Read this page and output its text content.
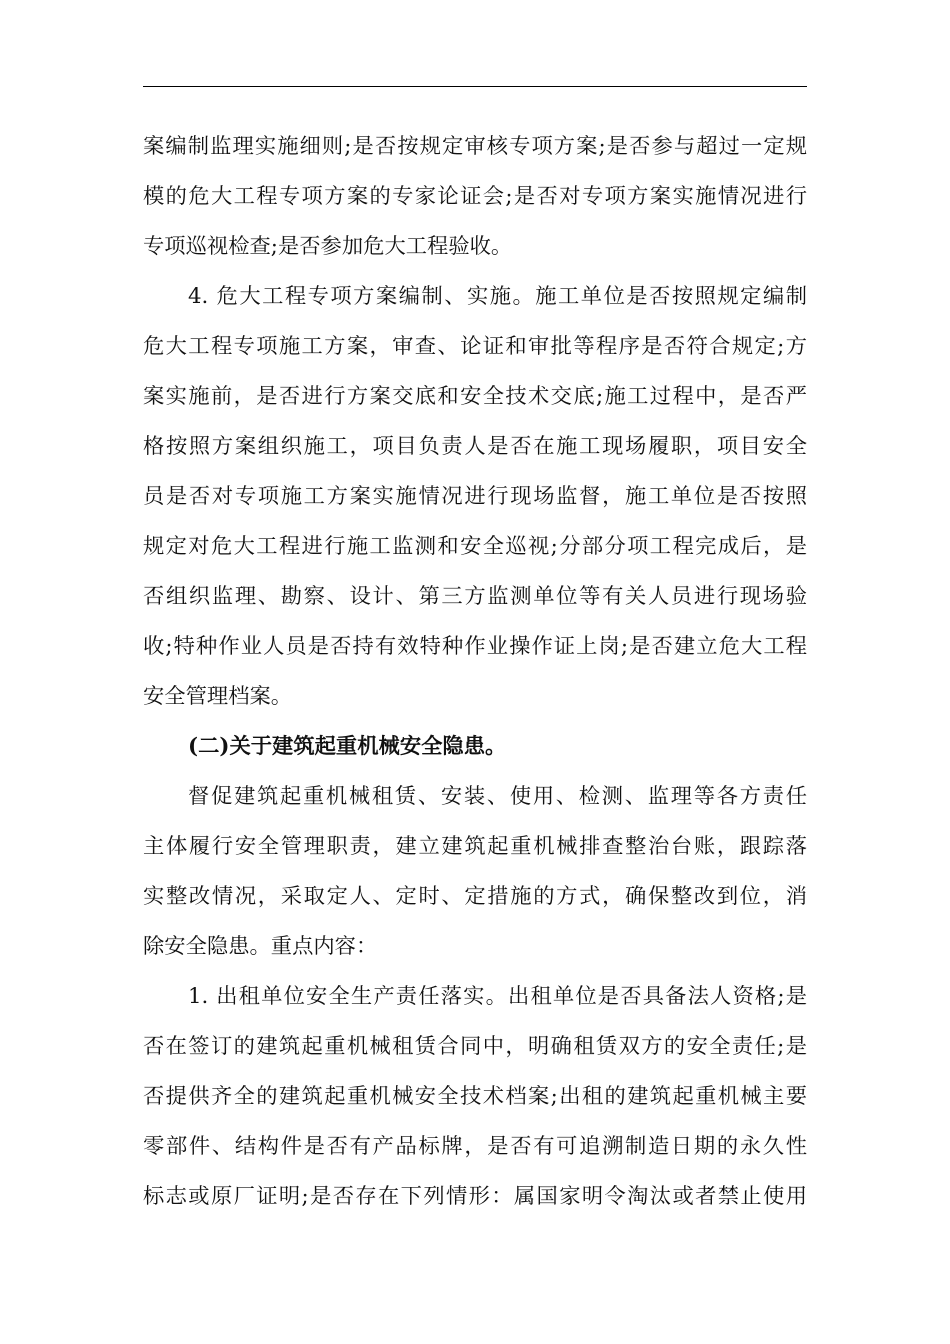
案编制监理实施细则;是否按规定审核专项方案;是否参与超过一定规
模的危大工程专项方案的专家论证会;是否对专项方案实施情况进行
专项巡视检查;是否参加危大工程验收。
4. 危大工程专项方案编制、实施。施工单位是否按照规定编制
危大工程专项施工方案，审查、论证和审批等程序是否符合规定;方
案实施前，是否进行方案交底和安全技术交底;施工过程中，是否严
格按照方案组织施工，项目负责人是否在施工现场履职，项目安全
员是否对专项施工方案实施情况进行现场监督，施工单位是否按照
规定对危大工程进行施工监测和安全巡视;分部分项工程完成后，是
否组织监理、勘察、设计、第三方监测单位等有关人员进行现场验
收;特种作业人员是否持有效特种作业操作证上岗;是否建立危大工程
安全管理档案。
(二)关于建筑起重机械安全隐患。
督促建筑起重机械租赁、安装、使用、检测、监理等各方责任
主体履行安全管理职责，建立建筑起重机械排查整治台账，跟踪落
实整改情况，采取定人、定时、定措施的方式，确保整改到位，消
除安全隐患。重点内容：
1. 出租单位安全生产责任落实。出租单位是否具备法人资格;是
否在签订的建筑起重机械租赁合同中，明确租赁双方的安全责任;是
否提供齐全的建筑起重机械安全技术档案;出租的建筑起重机械主要
零部件、结构件是否有产品标牌，是否有可追溯制造日期的永久性
标志或原厂证明;是否存在下列情形：属国家明令淘汰或者禁止使用
